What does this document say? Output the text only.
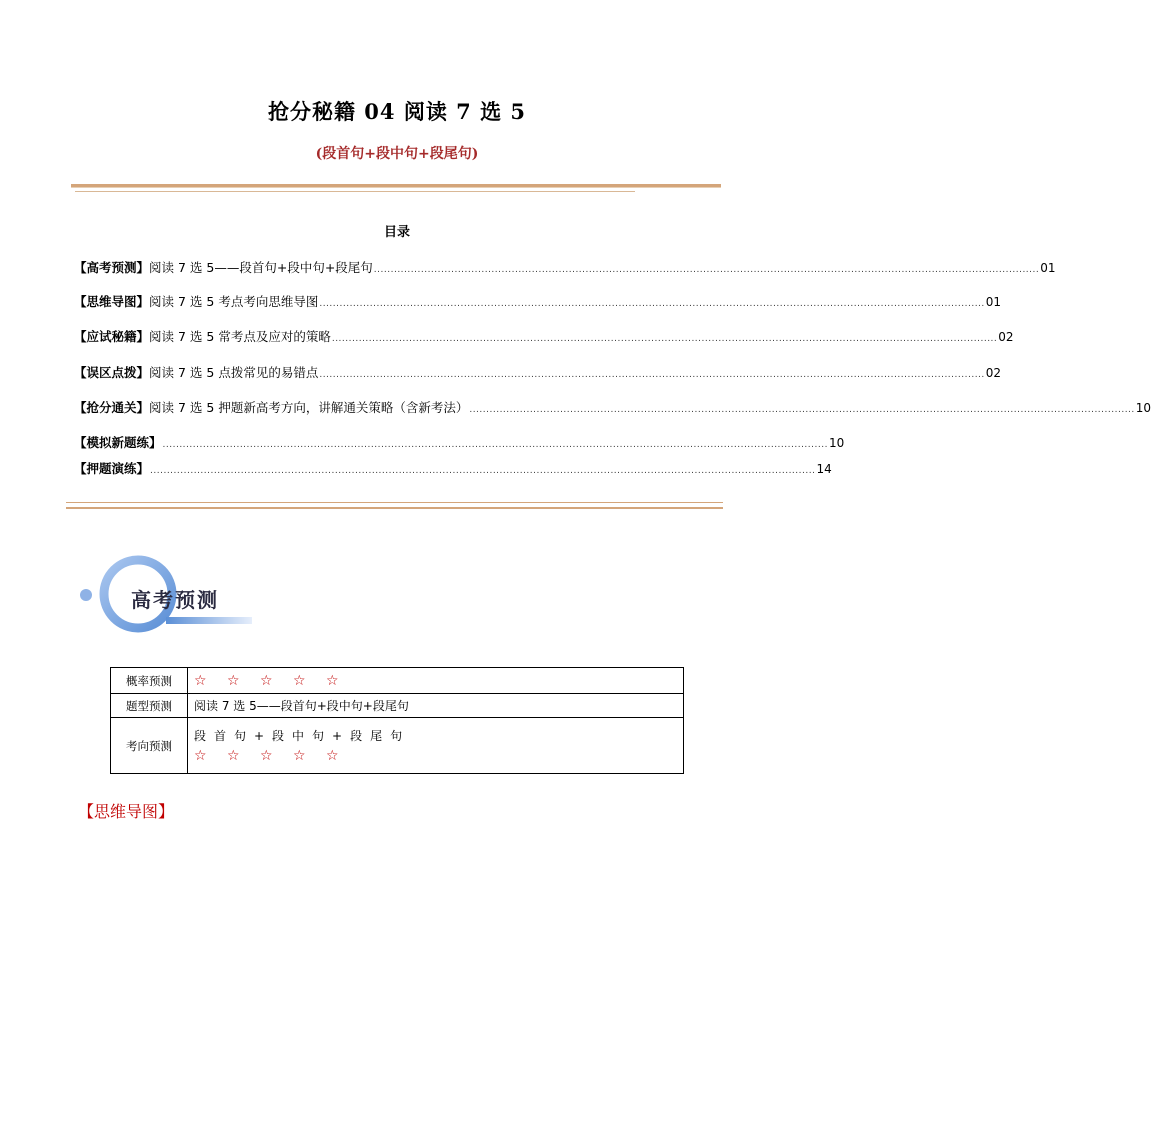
抢分秘籍 04 阅读 7 选 5
(段首句+段中句+段尾句)
目录
【高考预测】 阅读 7 选 5——段首句+段中句+段尾句 ...................................................................................................................................................................................................... 01
【思维导图】 阅读 7 选 5 考点考向思维导图 ...................................................................................................................................................................................................... 01
【应试秘籍】 阅读 7 选 5 常考点及应对的策略 ...................................................................................................................................................................................................... 02
【误区点拨】 阅读 7 选 5 点拨常见的易错点 ...................................................................................................................................................................................................... 02
【抢分通关】 阅读 7 选 5 押题新高考方向，讲解通关策略（含新考法） ...................................................................................................................................................................................................... 10
【模拟新题练】 ...................................................................................................................................................................................................... 10
【押题演练】 ...................................................................................................................................................................................................... 14
高考预测
概率预测	☆ ☆ ☆ ☆ ☆
题型预测	阅读 7 选 5——段首句+段中句+段尾句
考向预测	段首句+段中句+段尾句
☆ ☆ ☆ ☆ ☆
【思维导图】
